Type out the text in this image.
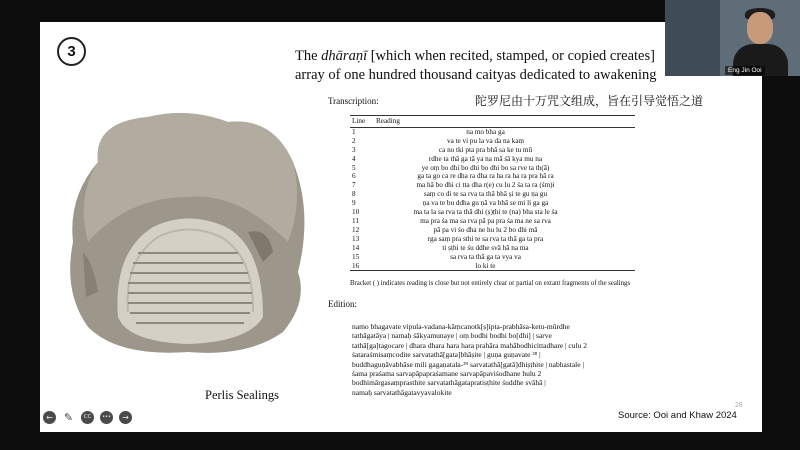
3	The dhāraṇī [which when recited, stamped, or copied creates]
array of one hundred thousand caityas dedicated to awakening
陀罗尼由十万咒文组成，旨在引导觉悟之道
Perlis Sealings
Transcription:
Line	Reading
1	na mo bha ga
2	va te vi pu la va da na kaṃ
3	ca no tki pta pra bhā sa ke tu mū
4	rdhe ta thā ga tā ya na mā śā kya mu na
5	ye oṃ bo dhi bo dhi bo dhi bo sa rve ta th(ā)
6	ga ta go ca re dha ra dha ra ha ra ha ra pra hā ra
7	ma hā bo dhi ci tta dha r(e) cu lu 2 śa ta ra (śm)i
8	saṃ co di te sa rva ta thā bhā ṣi te gu ṇa gu
9	ṇa va te bu ddha gu ṇā va bhā se mi li ga ga
10	ma ta la sa rva ta thā dhi (ṣ)ṭhi te (na) bha sta le śa
11	ma pra śa ma sa rva pā pa pra śa ma ne sa rva
12	pā pa vi śo dha ne hu lu 2 bo dhi mā
13	rga saṃ pra sthi te sa rva ta thā ga ta pra
14	ti ṣṭhi te śu ddhe svā hā na ma
15	sa rva ta thā ga ta vya va
16	lo ki te
Bracket ( ) indicates reading is close but not entirely clear or partial on extant fragments of the sealings
Edition:
namo bhagavate vipula-vadana-kāṃcanotk[ṣ]ipta-prabhāsa-ketu-mūrdhe
tathāgatāya | namaḥ śākyamunaye | oṃ bodhi bodhi bo[dhi] | sarve
tathā[ga]tagocare | dhara dhara hara hara prahāra mahābodhicittadhare | culu 2
śataraśmisaṃcodite sarvatathā[gata]bhāṣite | guṇa guṇavate ³⁸ |
buddhaguṇāvabhāse mili gagaṇatala-³⁹ sarvatathā[gatā]dhiṣṭhite | nabhastale |
śama praśama sarvapāpapraśamane sarvapāpaviśodhane hulu 2
bodhimārgasaṃprasthite sarvatathāgatapratiṣṭhite śuddhe svāhā |
namaḥ sarvatathāgatavyavalokite
28
Source: Ooi and Khaw 2024
Eng Jin Ooi
← ✎	CC	•••	→
